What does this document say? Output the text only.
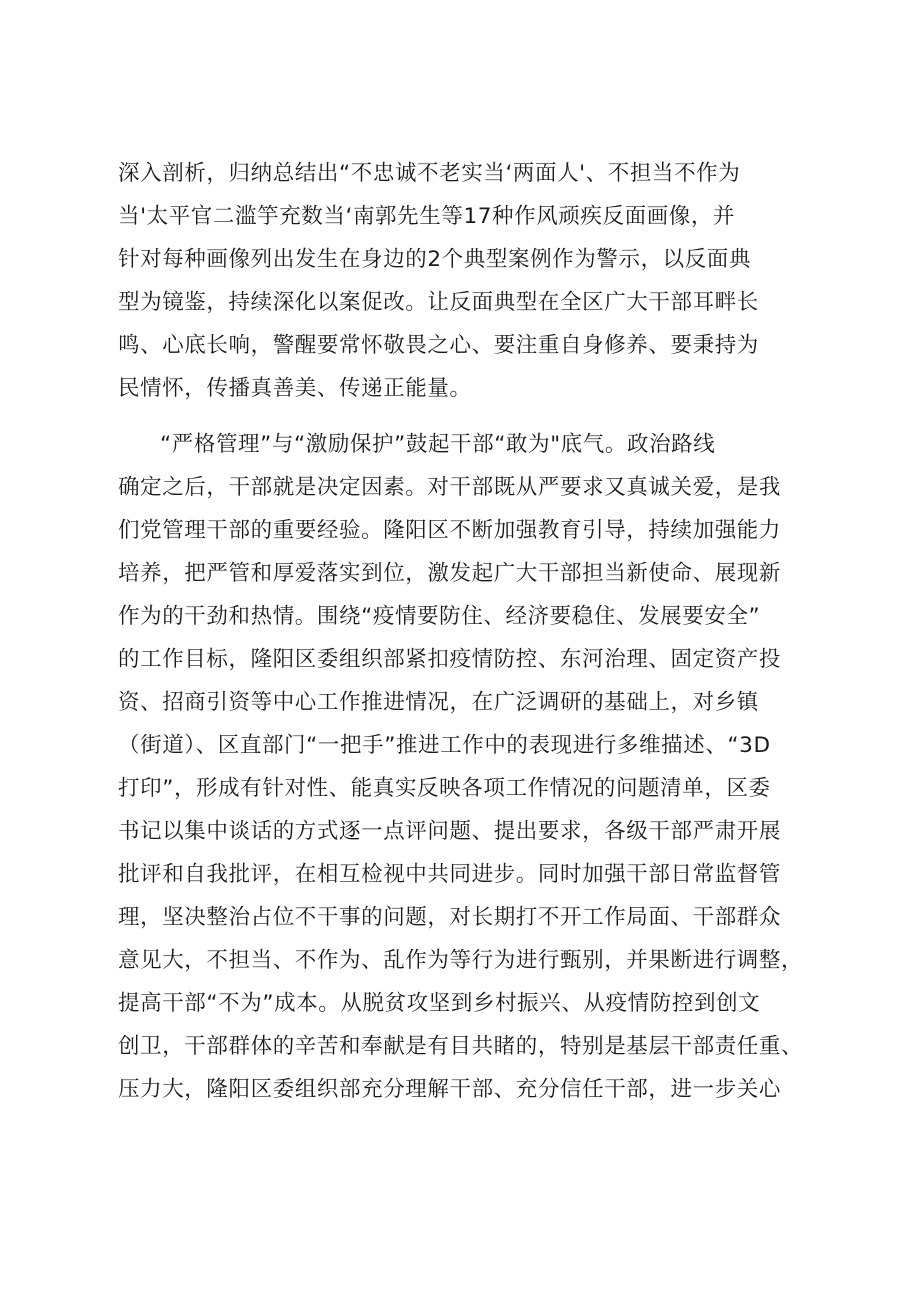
深入剖析，归纳总结出“不忠诚不老实当‘两面人'、不担当不作为

当'太平官二滥竽充数当‘南郭先生等17种作风顽疾反面画像，并

针对每种画像列出发生在身边的2个典型案例作为警示，以反面典

型为镜鉴，持续深化以案促改。让反面典型在全区广大干部耳畔长

鸣、心底长响，警醒要常怀敬畏之心、要注重自身修养、要秉持为

民情怀，传播真善美、传递正能量。

“严格管理”与“激励保护”鼓起干部“敢为"底气。政治路线

确定之后，干部就是决定因素。对干部既从严要求又真诚关爱，是我

们党管理干部的重要经验。隆阳区不断加强教育引导，持续加强能力

培养，把严管和厚爱落实到位，激发起广大干部担当新使命、展现新

作为的干劲和热情。围绕“疫情要防住、经济要稳住、发展要安全”

的工作目标，隆阳区委组织部紧扣疫情防控、东河治理、固定资产投

资、招商引资等中心工作推进情况，在广泛调研的基础上，对乡镇

（街道）、区直部门“一把手”推进工作中的表现进行多维描述、“3D

打印”，形成有针对性、能真实反映各项工作情况的问题清单，区委

书记以集中谈话的方式逐一点评问题、提出要求，各级干部严肃开展

批评和自我批评，在相互检视中共同进步。同时加强干部日常监督管

理，坚决整治占位不干事的问题，对长期打不开工作局面、干部群众

意见大，不担当、不作为、乱作为等行为进行甄别，并果断进行调整，

提高干部“不为”成本。从脱贫攻坚到乡村振兴、从疫情防控到创文

创卫，干部群体的辛苦和奉献是有目共睹的，特别是基层干部责任重、

压力大，隆阳区委组织部充分理解干部、充分信任干部，进一步关心
